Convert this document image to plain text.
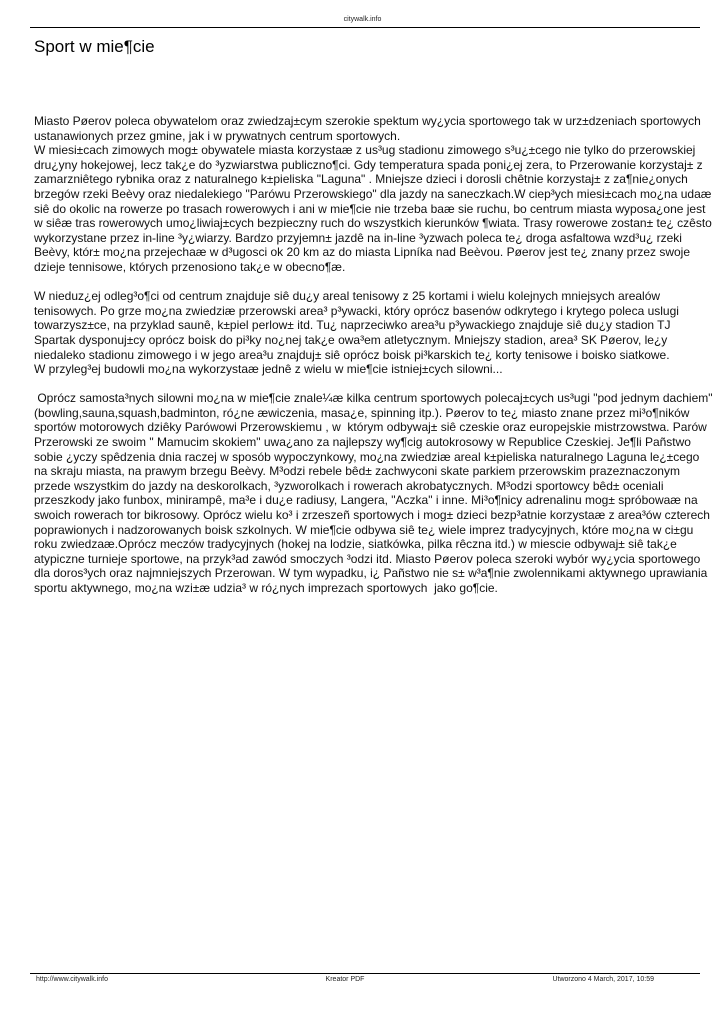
citywalk.info
Sport w mie¶cie

Miasto Pøerov poleca obywatelom oraz zwiedzaj±cym szerokie spektum wy¿ycia sportowego tak w urz±dzeniach sportowych ustanawionych przez gmine, jak i w prywatnych centrum sportowych.

W miesi±cach zimowych mog± obywatele miasta korzystaæ z us³ug stadionu zimowego s³u¿±cego nie tylko do przerowskiej dru¿yny hokejowej, lecz tak¿e do ³yzwiarstwa publiczno¶ci. Gdy temperatura spada poni¿ej zera, to Przerowanie korzystaj± z zamarzniêtego rybnika oraz z naturalnego k±pieliska "Laguna" . Mniejsze dzieci i dorosli chêtnie korzystaj± z za¶nie¿onych brzegów rzeki Beèvy oraz niedalekiego "Parówu Przerowskiego" dla jazdy na saneczkach.W ciep³ych miesi±cach mo¿na udaæ siê do okolic na rowerze po trasach rowerowych i ani w mie¶cie nie trzeba baæ sie ruchu, bo centrum miasta wyposa¿one jest w siêæ tras rowerowych umo¿liwiaj±cych bezpieczny ruch do wszystkich kierunków ¶wiata. Trasy rowerowe zostan± te¿ czêsto wykorzystane przez in-line ³y¿wiarzy. Bardzo przyjemn± jazdê na in-line ³yzwach poleca te¿ droga asfaltowa wzd³u¿ rzeki Beèvy, któr± mo¿na przejechaæ w d³ugosci ok 20 km az do miasta Lipníka nad Beèvou. Pøerov jest te¿ znany przez swoje dzieje tennisowe, których przenosiono tak¿e w obecno¶æ.

W nieduz¿ej odleg³o¶ci od centrum znajduje siê du¿y areal tenisowy z 25 kortami i wielu kolejnych mniejsych arealów tenisowych. Po grze mo¿na zwiedziæ przerowski area³ p³ywacki, który oprócz basenów odkrytego i krytego poleca uslugi towarzysz±ce, na przyklad saunê, k±piel perlow± itd. Tu¿ naprzeciwko area³u p³ywackiego znajduje siê du¿y stadion TJ Spartak dysponuj±cy oprócz boisk do pi³ky no¿nej tak¿e owa³em atletycznym. Mniejszy stadion, area³ SK Pøerov, le¿y niedaleko stadionu zimowego i w jego area³u znajduj± siê oprócz boisk pi³karskich te¿ korty tenisowe i boisko siatkowe.

W przyleg³ej budowli mo¿na wykorzystaæ jednê z wielu w mie¶cie istniej±cych silowni...

Oprócz samosta³nych silowni mo¿na w mie¶cie znale¼æ kilka centrum sportowych polecaj±cych us³ugi "pod jednym dachiem" (bowling,sauna,squash,badminton, ró¿ne æwiczenia, masa¿e, spinning itp.). Pøerov to te¿ miasto znane przez mi³o¶ników sportów motorowych dziêky Parówowi Przerowskiemu , w  którym odbywaj± siê czeskie oraz europejskie mistrzowstwa. Parów Przerowski ze swoim " Mamucim skokiem" uwa¿ano za najlepszy wy¶cig autokrosowy w Republice Czeskiej. Je¶li Pañstwo sobie ¿yczy spêdzenia dnia raczej w sposób wypoczynkowy, mo¿na zwiedziæ areal k±pieliska naturalnego Laguna le¿±cego na skraju miasta, na prawym brzegu Beèvy. M³odzi rebele bêd± zachwyconi skate parkiem przerowskim prazeznaczonym przede wszystkim do jazdy na deskorolkach, ³yzworolkach i rowerach akrobatycznych. M³odzi sportowcy bêd± oceniali przeszkody jako funbox, minirampê, ma³e i du¿e radiusy, Langera, "Aczka" i inne. Mi³o¶nicy adrenalinu mog± spróbowaæ na swoich rowerach tor bikrosowy. Oprócz wielu ko³ i zrzeszeñ sportowych i mog± dzieci bezp³atnie korzystaæ z area³ów czterech poprawionych i nadzorowanych boisk szkolnych. W mie¶cie odbywa siê te¿ wiele imprez tradycyjnych, które mo¿na w ci±gu roku zwiedzaæ.Oprócz meczów tradycyjnych (hokej na lodzie, siatkówka, pilka rêczna itd.) w miescie odbywaj± siê tak¿e atypiczne turnieje sportowe, na przyk³ad zawód smoczych ³odzi itd. Miasto Pøerov poleca szeroki wybór wy¿ycia sportowego dla doros³ych oraz najmniejszych Przerowan. W tym wypadku, i¿ Pañstwo nie s± w³a¶nie zwolennikami aktywnego uprawiania sportu aktywnego, mo¿na wzi±æ udzia³ w ró¿nych imprezach sportowych  jako go¶cie.

http://www.citywalk.info	Kreator PDF	Utworzono 4 March, 2017, 10:59
